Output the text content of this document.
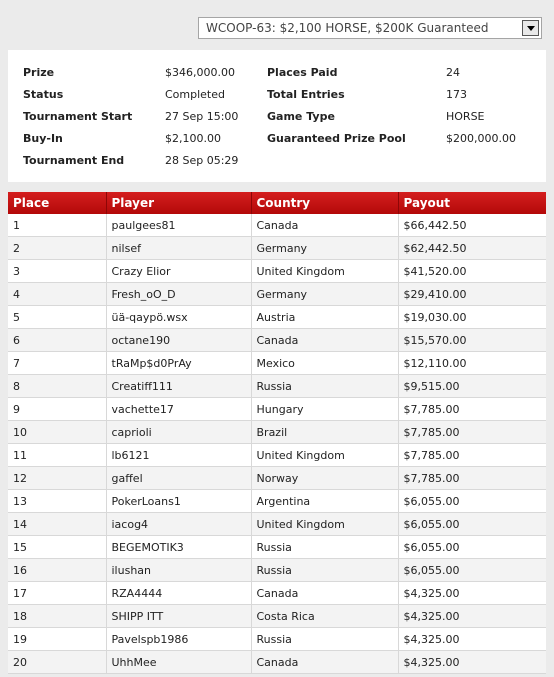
WCOOP-63: $2,100 HORSE, $200K Guaranteed
Prize	$346,000.00
Status	Completed
Tournament Start	27 Sep 15:00
Buy-In	$2,100.00
Tournament End	28 Sep 05:29
Places Paid	24
Total Entries	173
Game Type	HORSE
Guaranteed Prize Pool	$200,000.00
Place	Player	Country	Payout
1	paulgees81	Canada	$66,442.50
2	nilsef	Germany	$62,442.50
3	Crazy Elior	United Kingdom	$41,520.00
4	Fresh_oO_D	Germany	$29,410.00
5	üä-qaypö.wsx	Austria	$19,030.00
6	octane190	Canada	$15,570.00
7	tRaMp$d0PrAy	Mexico	$12,110.00
8	Creatiff111	Russia	$9,515.00
9	vachette17	Hungary	$7,785.00
10	caprioli	Brazil	$7,785.00
11	lb6121	United Kingdom	$7,785.00
12	gaffel	Norway	$7,785.00
13	PokerLoans1	Argentina	$6,055.00
14	iacog4	United Kingdom	$6,055.00
15	BEGEMOTIK3	Russia	$6,055.00
16	ilushan	Russia	$6,055.00
17	RZA4444	Canada	$4,325.00
18	SHIPP ITT	Costa Rica	$4,325.00
19	Pavelspb1986	Russia	$4,325.00
20	UhhMee	Canada	$4,325.00
